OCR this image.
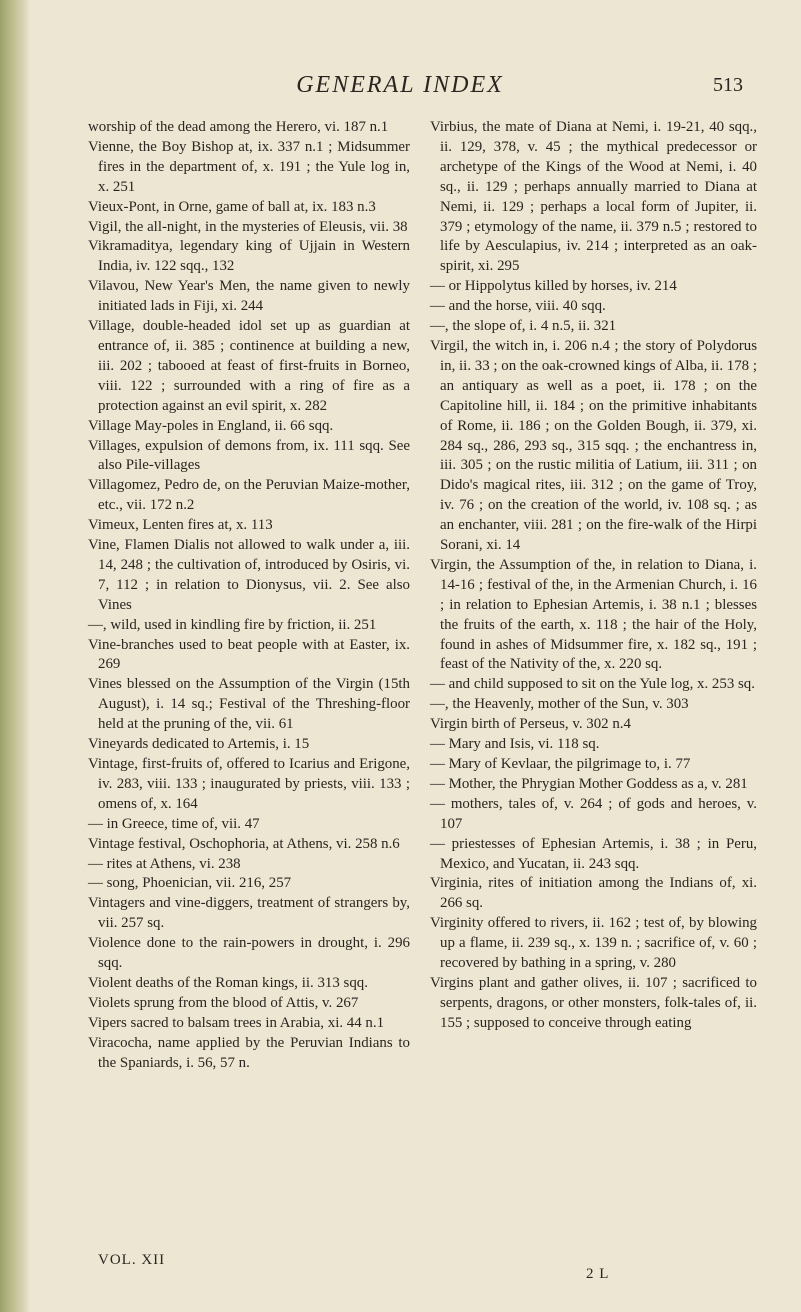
GENERAL INDEX	513

worship of the dead among the Herero, vi. 187 n.1

Vienne, the Boy Bishop at, ix. 337 n.1 ; Midsummer fires in the department of, x. 191 ; the Yule log in, x. 251

Vieux-Pont, in Orne, game of ball at, ix. 183 n.3

Vigil, the all-night, in the mysteries of Eleusis, vii. 38

Vikramaditya, legendary king of Ujjain in Western India, iv. 122 sqq., 132

Vilavou, New Year's Men, the name given to newly initiated lads in Fiji, xi. 244

Village, double-headed idol set up as guardian at entrance of, ii. 385 ; continence at building a new, iii. 202 ; tabooed at feast of first-fruits in Borneo, viii. 122 ; surrounded with a ring of fire as a protection against an evil spirit, x. 282

Village May-poles in England, ii. 66 sqq.

Villages, expulsion of demons from, ix. 111 sqq. See also Pile-villages

Villagomez, Pedro de, on the Peruvian Maize-mother, etc., vii. 172 n.2

Vimeux, Lenten fires at, x. 113

Vine, Flamen Dialis not allowed to walk under a, iii. 14, 248 ; the cultivation of, introduced by Osiris, vi. 7, 112 ; in relation to Dionysus, vii. 2. See also Vines

—, wild, used in kindling fire by friction, ii. 251

Vine-branches used to beat people with at Easter, ix. 269

Vines blessed on the Assumption of the Virgin (15th August), i. 14 sq.; Festival of the Threshing-floor held at the pruning of the, vii. 61

Vineyards dedicated to Artemis, i. 15

Vintage, first-fruits of, offered to Icarius and Erigone, iv. 283, viii. 133 ; inaugurated by priests, viii. 133 ; omens of, x. 164

— in Greece, time of, vii. 47

Vintage festival, Oschophoria, at Athens, vi. 258 n.6

— rites at Athens, vi. 238

— song, Phoenician, vii. 216, 257

Vintagers and vine-diggers, treatment of strangers by, vii. 257 sq.

Violence done to the rain-powers in drought, i. 296 sqq.

Violent deaths of the Roman kings, ii. 313 sqq.

Violets sprung from the blood of Attis, v. 267

Vipers sacred to balsam trees in Arabia, xi. 44 n.1

Viracocha, name applied by the Peruvian Indians to the Spaniards, i. 56, 57 n.

Virbius, the mate of Diana at Nemi, i. 19-21, 40 sqq., ii. 129, 378, v. 45 ; the mythical predecessor or archetype of the Kings of the Wood at Nemi, i. 40 sq., ii. 129 ; perhaps annually married to Diana at Nemi, ii. 129 ; perhaps a local form of Jupiter, ii. 379 ; etymology of the name, ii. 379 n.5 ; restored to life by Aesculapius, iv. 214 ; interpreted as an oak-spirit, xi. 295

— or Hippolytus killed by horses, iv. 214

— and the horse, viii. 40 sqq.

—, the slope of, i. 4 n.5, ii. 321

Virgil, the witch in, i. 206 n.4 ; the story of Polydorus in, ii. 33 ; on the oak-crowned kings of Alba, ii. 178 ; an antiquary as well as a poet, ii. 178 ; on the Capitoline hill, ii. 184 ; on the primitive inhabitants of Rome, ii. 186 ; on the Golden Bough, ii. 379, xi. 284 sq., 286, 293 sq., 315 sqq. ; the enchantress in, iii. 305 ; on the rustic militia of Latium, iii. 311 ; on Dido's magical rites, iii. 312 ; on the game of Troy, iv. 76 ; on the creation of the world, iv. 108 sq. ; as an enchanter, viii. 281 ; on the fire-walk of the Hirpi Sorani, xi. 14

Virgin, the Assumption of the, in relation to Diana, i. 14-16 ; festival of the, in the Armenian Church, i. 16 ; in relation to Ephesian Artemis, i. 38 n.1 ; blesses the fruits of the earth, x. 118 ; the hair of the Holy, found in ashes of Midsummer fire, x. 182 sq., 191 ; feast of the Nativity of the, x. 220 sq.

— and child supposed to sit on the Yule log, x. 253 sq.

—, the Heavenly, mother of the Sun, v. 303

Virgin birth of Perseus, v. 302 n.4

— Mary and Isis, vi. 118 sq.

— Mary of Kevlaar, the pilgrimage to, i. 77

— Mother, the Phrygian Mother Goddess as a, v. 281

— mothers, tales of, v. 264 ; of gods and heroes, v. 107

— priestesses of Ephesian Artemis, i. 38 ; in Peru, Mexico, and Yucatan, ii. 243 sqq.

Virginia, rites of initiation among the Indians of, xi. 266 sq.

Virginity offered to rivers, ii. 162 ; test of, by blowing up a flame, ii. 239 sq., x. 139 n. ; sacrifice of, v. 60 ; recovered by bathing in a spring, v. 280

Virgins plant and gather olives, ii. 107 ; sacrificed to serpents, dragons, or other monsters, folk-tales of, ii. 155 ; supposed to conceive through eating

VOL. XII
2 L
